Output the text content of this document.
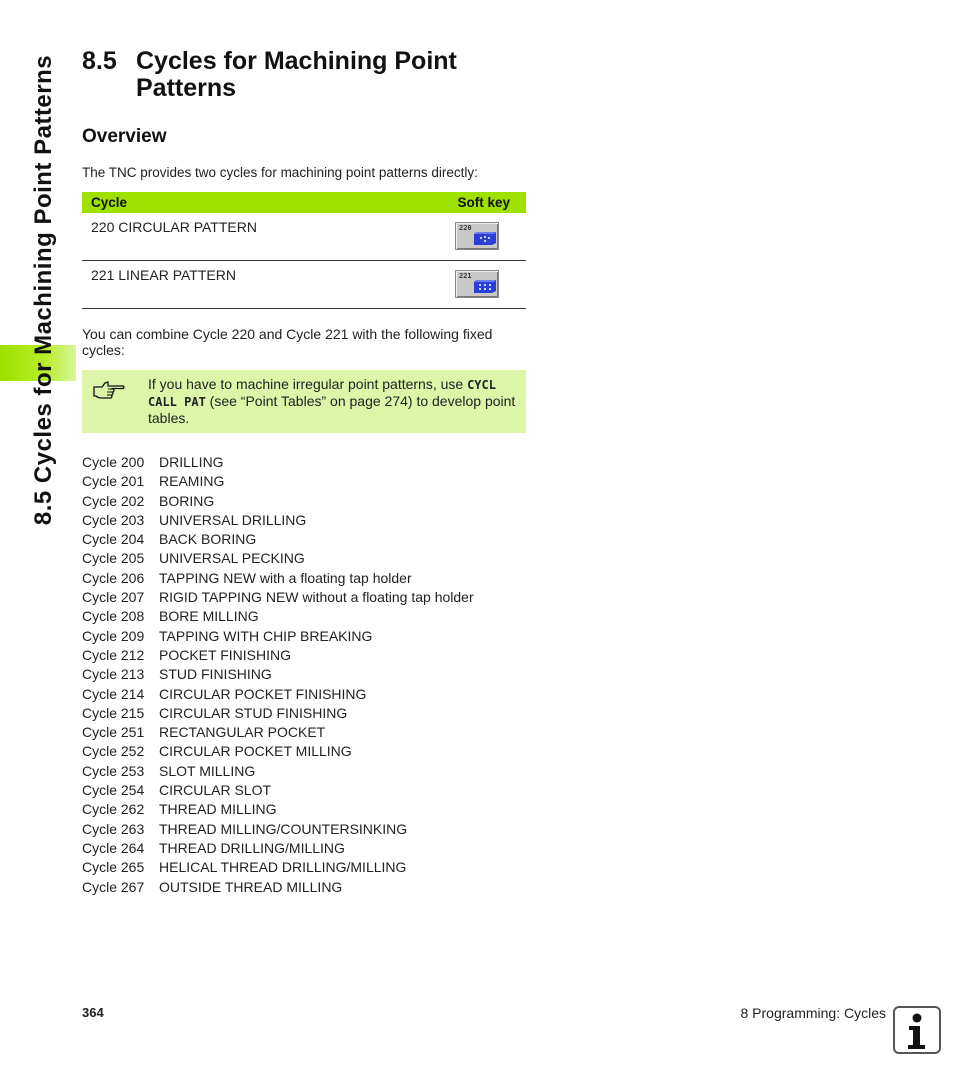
8.5 Cycles for Machining Point Patterns 8.5 Cycles for Machining Point
Patterns
Overview
The TNC provides two cycles for machining point patterns directly:
Cycle	Soft key
220 CIRCULAR PATTERN	220
221 LINEAR PATTERN	221
You can combine Cycle 220 and Cycle 221 with the following fixed cycles:
If you have to machine irregular point patterns, use CYCL CALL PAT (see “Point Tables” on page 274) to develop point tables.
Cycle 200	DRILLING
Cycle 201	REAMING
Cycle 202	BORING
Cycle 203	UNIVERSAL DRILLING
Cycle 204	BACK BORING
Cycle 205	UNIVERSAL PECKING
Cycle 206	TAPPING NEW with a floating tap holder
Cycle 207	RIGID TAPPING NEW without a floating tap holder
Cycle 208	BORE MILLING
Cycle 209	TAPPING WITH CHIP BREAKING
Cycle 212	POCKET FINISHING
Cycle 213	STUD FINISHING
Cycle 214	CIRCULAR POCKET FINISHING
Cycle 215	CIRCULAR STUD FINISHING
Cycle 251	RECTANGULAR POCKET
Cycle 252	CIRCULAR POCKET MILLING
Cycle 253	SLOT MILLING
Cycle 254	CIRCULAR SLOT
Cycle 262	THREAD MILLING
Cycle 263	THREAD MILLING/COUNTERSINKING
Cycle 264	THREAD DRILLING/MILLING
Cycle 265	HELICAL THREAD DRILLING/MILLING
Cycle 267	OUTSIDE THREAD MILLING
364	8 Programming: Cycles
